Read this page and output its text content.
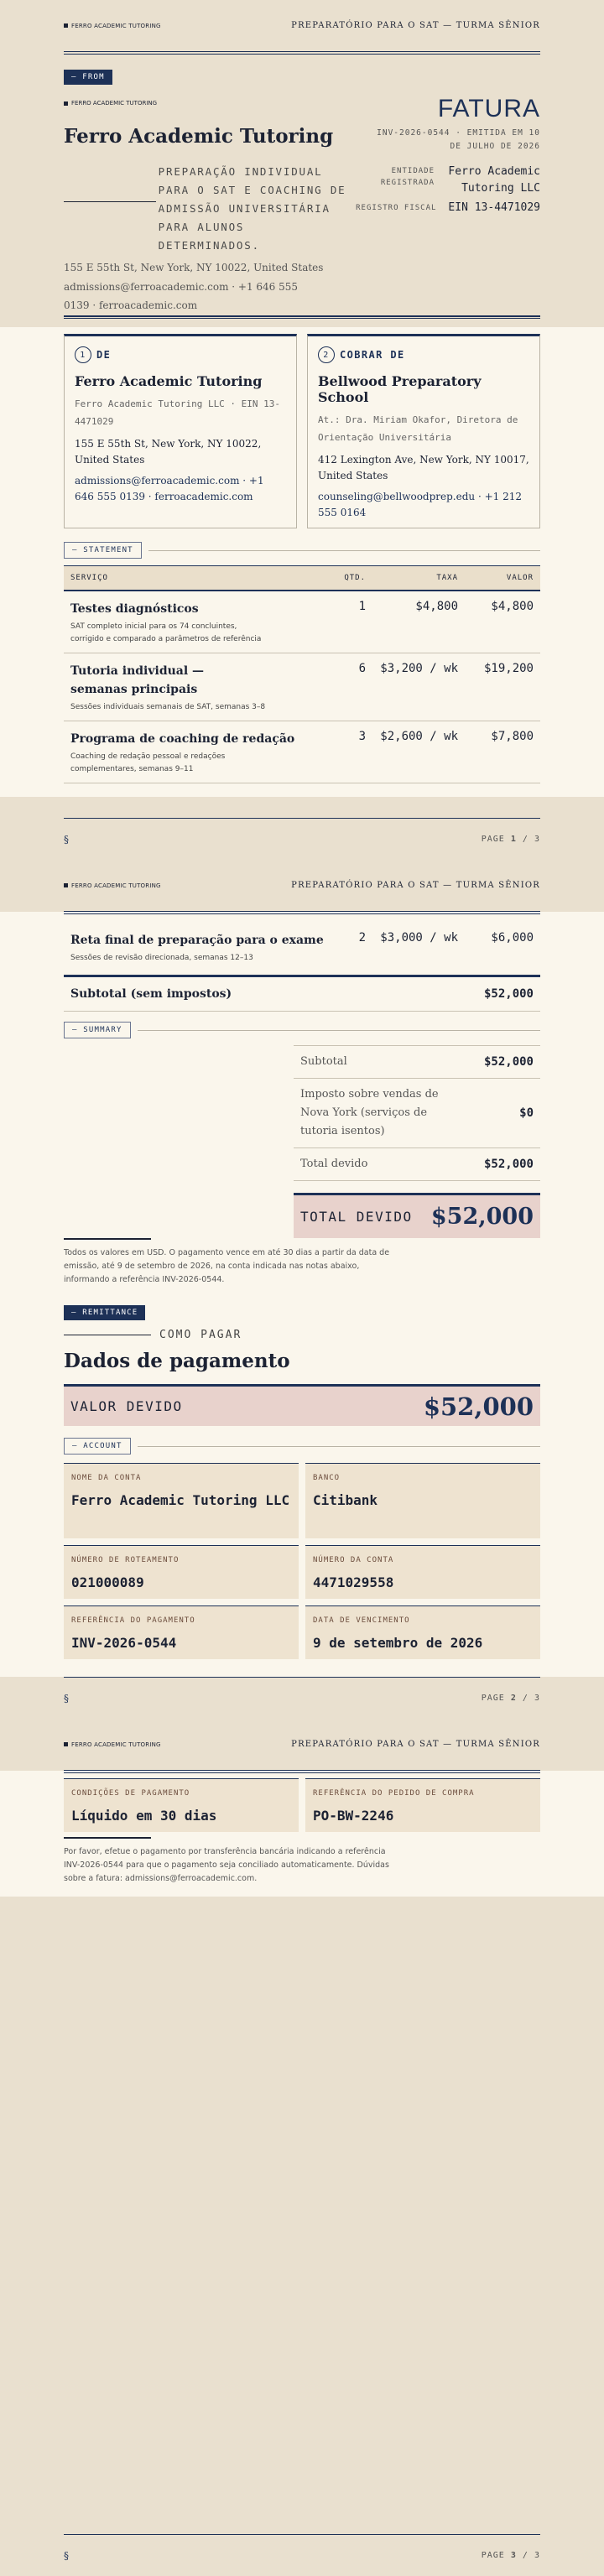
FERRO ACADEMIC TUTORING	PREPARATÓRIO PARA O SAT — TURMA SÊNIOR
— FROM
FERRO ACADEMIC TUTORING
Ferro Academic Tutoring
PREPARAÇÃO INDIVIDUAL PARA O SAT E COACHING DE ADMISSÃO UNIVERSITÁRIA PARA ALUNOS DETERMINADOS.
155 E 55th St, New York, NY 10022, United States
admissions@ferroacademic.com · +1 646 555 0139 · ferroacademic.com
FATURA
INV-2026-0544 · EMITIDA EM 10 DE JULHO DE 2026
ENTIDADE REGISTRADA
Ferro Academic Tutoring LLC
REGISTRO FISCAL EIN 13-4471029
1	DE
Ferro Academic Tutoring
Ferro Academic Tutoring LLC · EIN 13-4471029
155 E 55th St, New York, NY 10022, United States
admissions@ferroacademic.com · +1 646 555 0139 · ferroacademic.com
2	COBRAR DE
Bellwood Preparatory School
At.: Dra. Miriam Okafor, Diretora de Orientação Universitária
412 Lexington Ave, New York, NY 10017, United States
counseling@bellwoodprep.edu · +1 212 555 0164
— STATEMENT
SERVIÇO	QTD.	TAXA	VALOR

Testes diagnósticos
SAT completo inicial para os 74 concluintes, corrigido e comparado a parâmetros de referência	1	$4,800	$4,800

Tutoria individual — semanas principais
Sessões individuais semanais de SAT, semanas 3–8	6	$3,200 / wk	$19,200

Programa de coaching de redação
Coaching de redação pessoal e redações complementares, semanas 9–11	3	$2,600 / wk	$7,800
§	PAGE 1 / 3
FERRO ACADEMIC TUTORING	PREPARATÓRIO PARA O SAT — TURMA SÊNIOR
Reta final de preparação para o exame
Sessões de revisão direcionada, semanas 12–13
	2	$3,000 / wk	$6,000
Subtotal (sem impostos)	$52,000
— SUMMARY
Subtotal	$52,000
Imposto sobre vendas de Nova York (serviços de tutoria isentos)
$0
Total devido	$52,000
TOTAL DEVIDO $52,000
Todos os valores em USD. O pagamento vence em até 30 dias a partir da data de emissão, até 9 de setembro de 2026, na conta indicada nas notas abaixo, informando a referência INV-2026-0544.
— REMITTANCE
COMO PAGAR
Dados de pagamento
VALOR DEVIDO	$52,000
— ACCOUNT
NOME DA CONTA
Ferro Academic Tutoring LLC
BANCO
Citibank
NÚMERO DE ROTEAMENTO
021000089
NÚMERO DA CONTA
4471029558
REFERÊNCIA DO PAGAMENTO
INV-2026-0544
DATA DE VENCIMENTO
9 de setembro de 2026
§	PAGE 2 / 3
FERRO ACADEMIC TUTORING	PREPARATÓRIO PARA O SAT — TURMA SÊNIOR
CONDIÇÕES DE PAGAMENTO
Líquido em 30 dias
REFERÊNCIA DO PEDIDO DE COMPRA
PO-BW-2246
Por favor, efetue o pagamento por transferência bancária indicando a referência INV-2026-0544 para que o pagamento seja conciliado automaticamente. Dúvidas sobre a fatura: admissions@ferroacademic.com.
§	PAGE 3 / 3
